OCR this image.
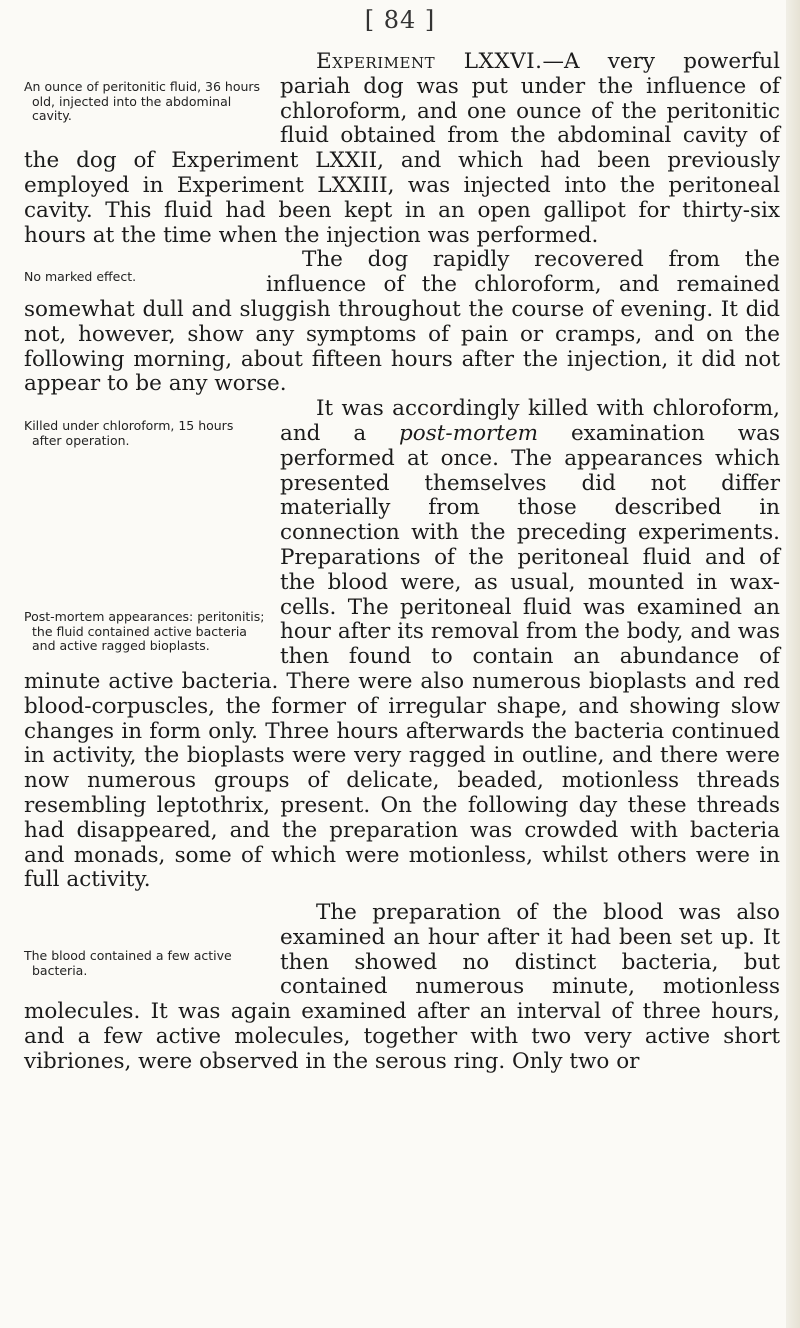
[ 84 ]

An ounce of peritonitic fluid, 36 hours old, injected into the abdominal cavity.
Experiment LXXVI.—A very powerful pariah dog was put under the influence of chloroform, and one ounce of the peritonitic fluid obtained from the abdominal cavity of the dog of Experiment LXXII, and which had been previously employed in Experiment LXXIII, was injected into the peritoneal cavity. This fluid had been kept in an open gallipot for thirty-six hours at the time when the injection was performed.

No marked effect.
The dog rapidly recovered from the influence of the chloroform, and remained somewhat dull and sluggish throughout the course of evening. It did not, however, show any symptoms of pain or cramps, and on the following morning, about fifteen hours after the injection, it did not appear to be any worse.

Killed under chloroform, 15 hours after operation.
Post-mortem appearances: peritonitis; the fluid contained active bacteria and active ragged bioplasts.
It was accordingly killed with chloroform, and a post-mortem examination was performed at once. The appearances which presented themselves did not differ materially from those described in connection with the preceding experiments. Preparations of the peritoneal fluid and of the blood were, as usual, mounted in wax-cells. The peritoneal fluid was examined an hour after its removal from the body, and was then found to contain an abundance of minute active bacteria. There were also numerous bioplasts and red blood-corpuscles, the former of irregular shape, and showing slow changes in form only. Three hours afterwards the bacteria continued in activity, the bioplasts were very ragged in outline, and there were now numerous groups of delicate, beaded, motionless threads resembling leptothrix, present. On the following day these threads had disappeared, and the preparation was crowded with bacteria and monads, some of which were motionless, whilst others were in full activity.

The blood contained a few active bacteria.
The preparation of the blood was also examined an hour after it had been set up. It then showed no distinct bacteria, but contained numerous minute, motionless molecules. It was again examined after an interval of three hours, and a few active molecules, together with two very active short vibriones, were observed in the serous ring. Only two or
